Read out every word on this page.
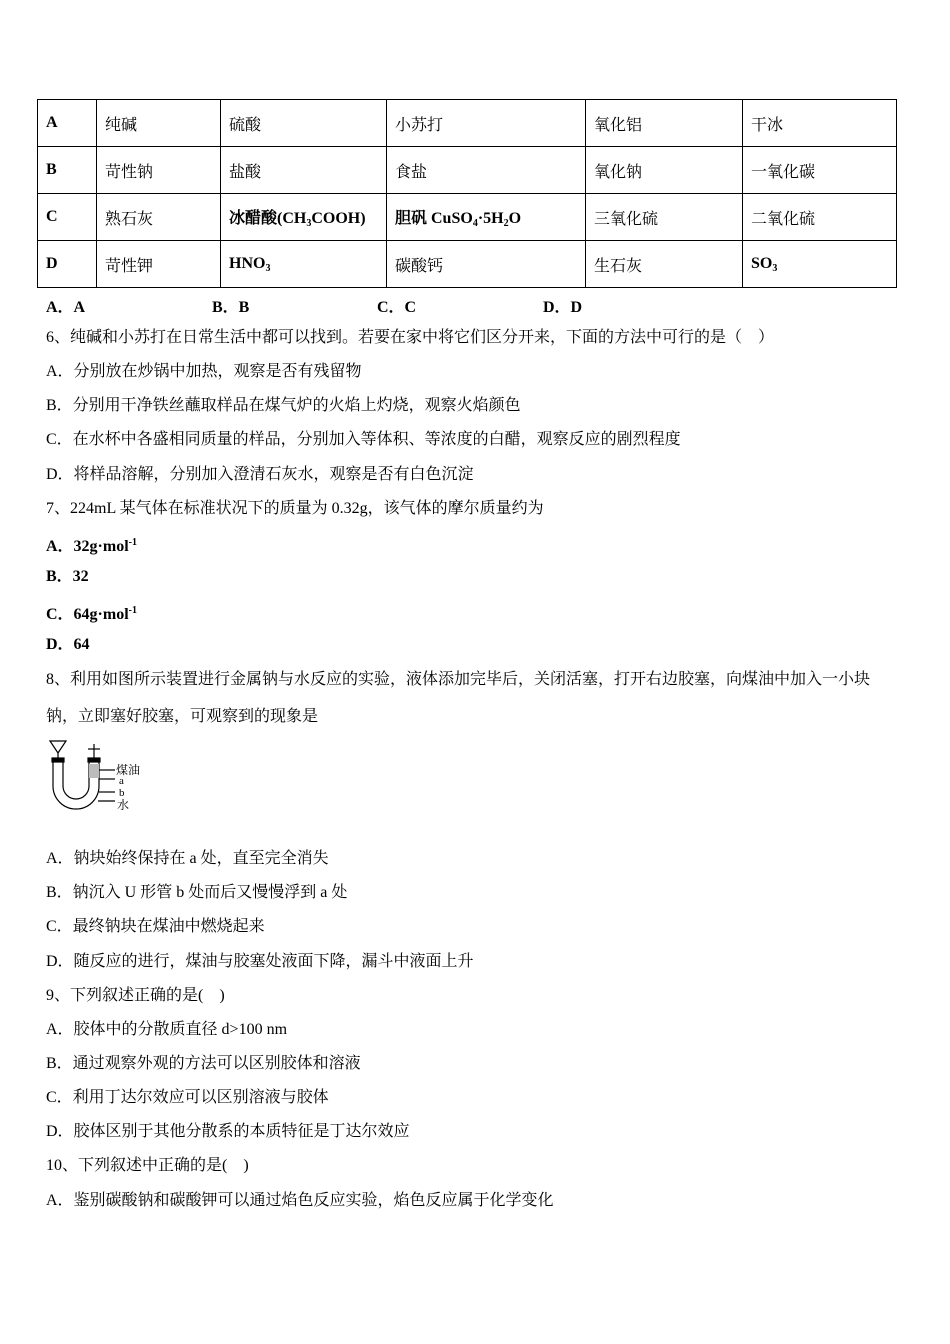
A	纯碱	硫酸	小苏打	氧化铝	干冰
B	苛性钠	盐酸	食盐	氧化钠	一氧化碳
C	熟石灰	冰醋酸$(CH_3COOH)$	胆矾 $CuSO_4\cdot 5H_2O$	三氧化硫	二氧化硫
D	苛性钾	$HNO_3$	碳酸钙	生石灰	$SO_3$
A．A	B．B	C．C	D．D
6、纯碱和小苏打在日常生活中都可以找到。若要在家中将它们区分开来，下面的方法中可行的是（　）
A．分别放在炒锅中加热，观察是否有残留物
B．分别用干净铁丝蘸取样品在煤气炉的火焰上灼烧，观察火焰颜色
C．在水杯中各盛相同质量的样品，分别加入等体积、等浓度的白醋，观察反应的剧烈程度
D．将样品溶解，分别加入澄清石灰水，观察是否有白色沉淀
7、224mL 某气体在标准状况下的质量为 0.32g，该气体的摩尔质量约为
A．32g·mol$^{-1}$
B．32
C．64g·mol$^{-1}$
D．64
8、利用如图所示装置进行金属钠与水反应的实验，液体添加完毕后，关闭活塞，打开右边胶塞，向煤油中加入一小块
钠，立即塞好胶塞，可观察到的现象是
煤油
a
b
水
A．钠块始终保持在 a 处，直至完全消失
B．钠沉入 U 形管 b 处而后又慢慢浮到 a 处
C．最终钠块在煤油中燃烧起来
D．随反应的进行，煤油与胶塞处液面下降，漏斗中液面上升
9、下列叙述正确的是(　)
A．胶体中的分散质直径 d>100 nm
B．通过观察外观的方法可以区别胶体和溶液
C．利用丁达尔效应可以区别溶液与胶体
D．胶体区别于其他分散系的本质特征是丁达尔效应
10、下列叙述中正确的是(　)
A．鉴别碳酸钠和碳酸钾可以通过焰色反应实验，焰色反应属于化学变化
